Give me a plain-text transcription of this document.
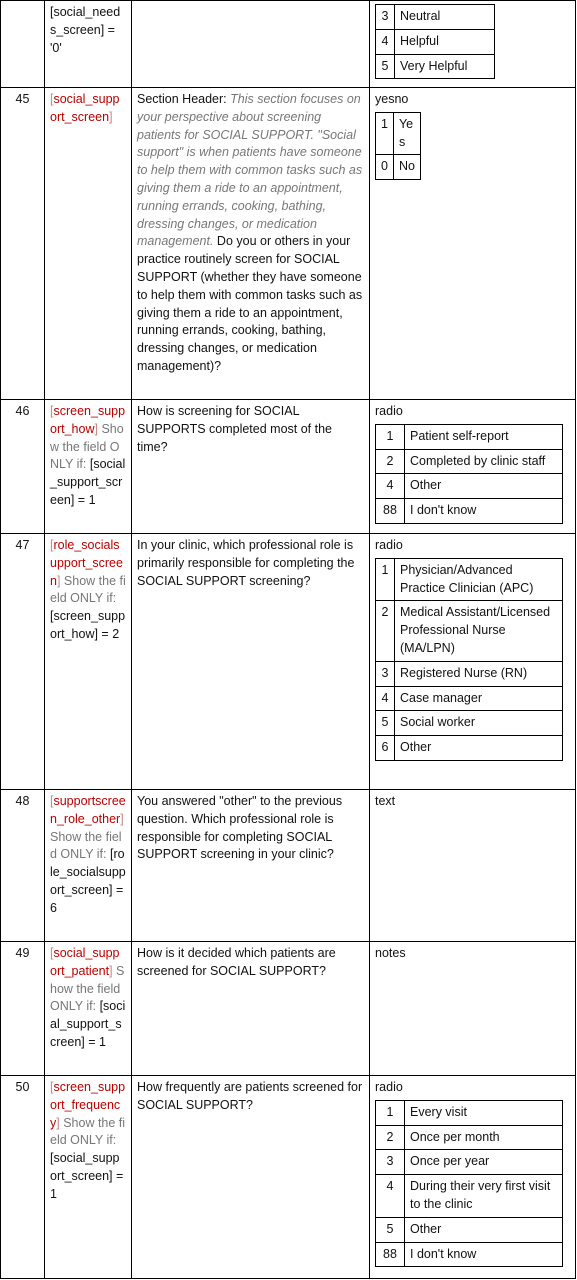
	[social_needs_screen] = '0'		
3	Neutral
4	Helpful
5	Very Helpful

45	[social_support_screen]	Section Header: This section focuses on your perspective about screening patients for SOCIAL SUPPORT. "Social support" is when patients have someone to help them with common tasks such as giving them a ride to an appointment, running errands, cooking, bathing, dressing changes, or medication management. Do you or others in your practice routinely screen for SOCIAL SUPPORT (whether they have someone to help them with common tasks such as giving them a ride to an appointment, running errands, cooking, bathing, dressing changes, or medication management)?	
yesno
1	Yes
0	No

46	[screen_support_how] Show the field ONLY if: [social_support_screen] = 1	How is screening for SOCIAL SUPPORTS completed most of the time?	
radio
1	Patient self-report
2	Completed by clinic staff
4	Other
88	I don't know

47	[role_socialsupport_screen] Show the field ONLY if: [screen_support_how] = 2	In your clinic, which professional role is primarily responsible for completing the SOCIAL SUPPORT screening?	
radio
1	Physician/Advanced Practice Clinician (APC)
2	Medical Assistant/Licensed Professional Nurse (MA/LPN)
3	Registered Nurse (RN)
4	Case manager
5	Social worker
6	Other

48	[supportscreen_role_other] Show the field ONLY if: [role_socialsupport_screen] = 6	You answered "other" to the previous question. Which professional role is responsible for completing SOCIAL SUPPORT screening in your clinic?	
text

49	[social_support_patient] Show the field ONLY if: [social_support_screen] = 1	How is it decided which patients are screened for SOCIAL SUPPORT?	
notes

50	[screen_support_frequency] Show the field ONLY if: [social_support_screen] = 1	How frequently are patients screened for SOCIAL SUPPORT?	
radio
1	Every visit
2	Once per month
3	Once per year
4	During their very first visit to the clinic
5	Other
88	I don't know
